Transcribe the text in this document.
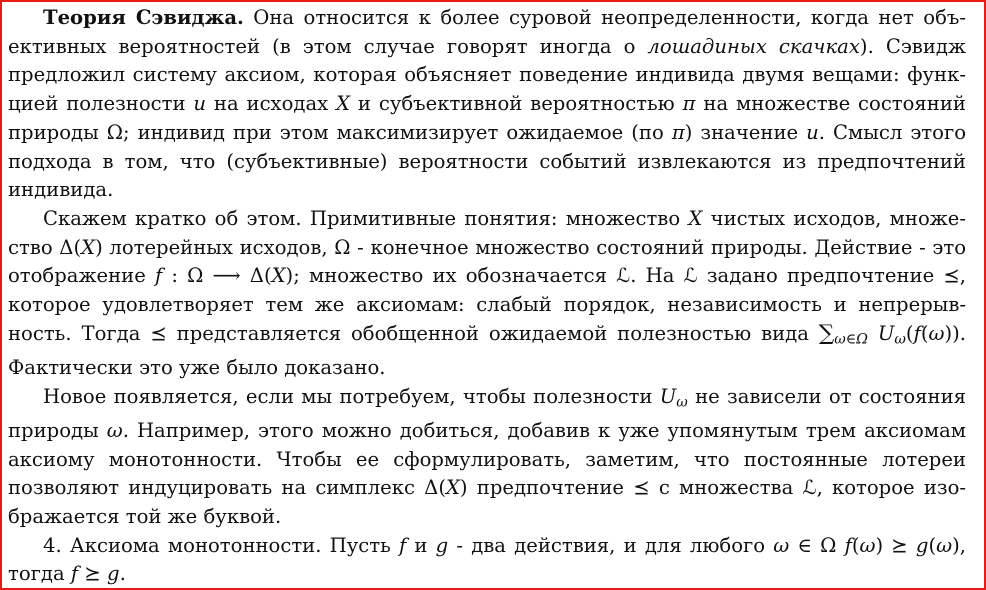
Теория Сэвиджа. Она относится к более суровой неопределенности, когда нет объективных вероятностей (в этом случае говорят иногда о лошадиных скачках). Сэвидж предложил систему аксиом, которая объясняет поведение индивида двумя вещами: функцией полезности u на исходах X и субъективной вероятностью π на множестве состояний природы Ω; индивид при этом максимизирует ожидаемое (по π) значение u. Смысл этого подхода в том, что (субъективные) вероятности событий извлекаются из предпочтений индивида.

Скажем кратко об этом. Примитивные понятия: множество X чистых исходов, множество Δ(X) лотерейных исходов, Ω - конечное множество состояний природы. Действие - это отображение f : Ω ⟶ Δ(X); множество их обозначается ℒ. На ℒ задано предпочтение ⪯, которое удовлетворяет тем же аксиомам: слабый порядок, независимость и непрерывность. Тогда ⪯ представляется обобщенной ожидаемой полезностью вида $\sum_{\omega\in\Omega}$ $U_\omega(f(\omega))$. Фактически это уже было доказано.

Новое появляется, если мы потребуем, чтобы полезности $U_\omega$ не зависели от состояния природы ω. Например, этого можно добиться, добавив к уже упомянутым трем аксиомам аксиому монотонности. Чтобы ее сформулировать, заметим, что постоянные лотереи позволяют индуцировать на симплекс Δ(X) предпочтение ⪯ с множества ℒ, которое изображается той же буквой.

4. Аксиома монотонности. Пусть f и g - два действия, и для любого ω ∈ Ω f(ω) ⪰ g(ω), тогда f ⪰ g.
